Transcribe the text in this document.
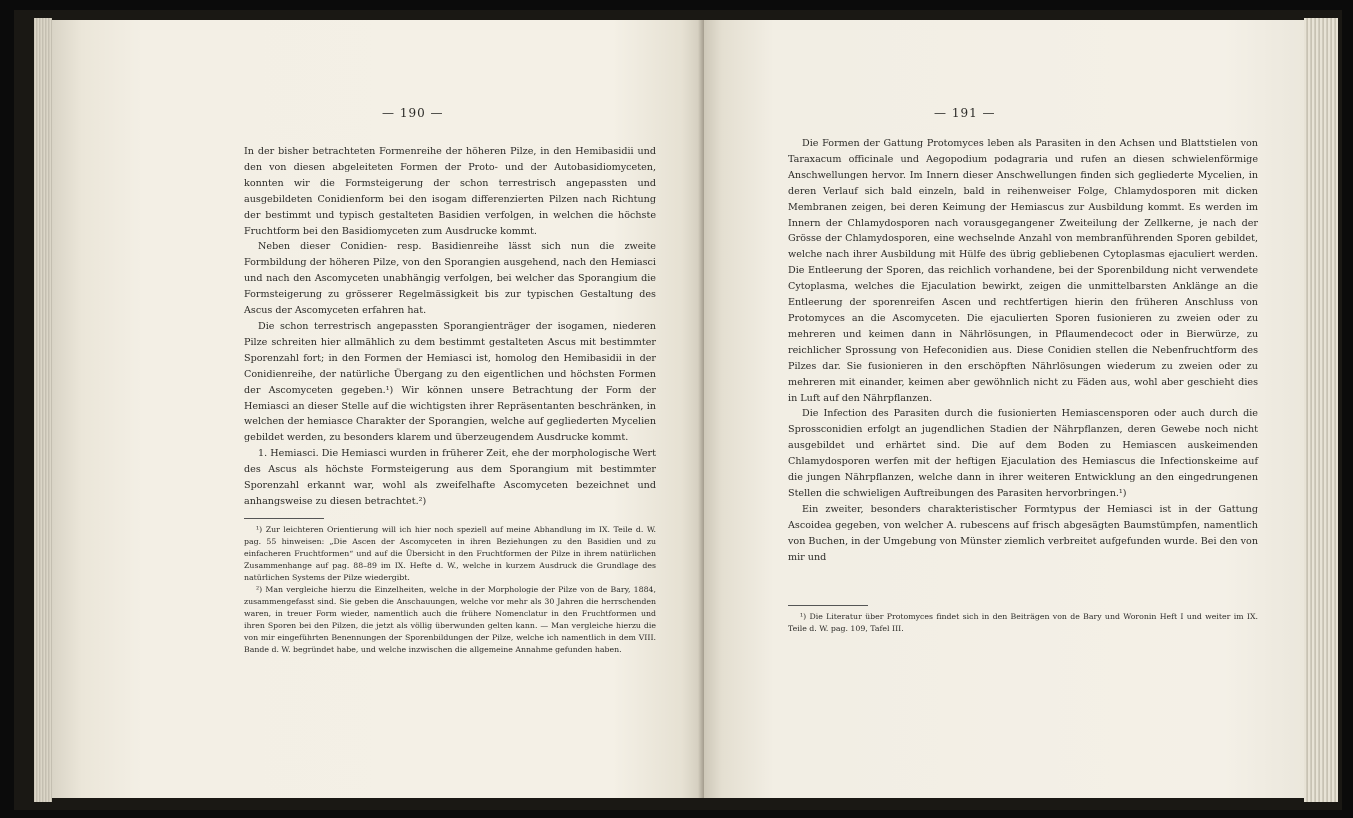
— 190 —

In der bisher betrachteten Formenreihe der höheren Pilze, in den Hemibasidii und den von diesen abgeleiteten Formen der Proto- und der Autobasidiomyceten, konnten wir die Formsteigerung der schon terrestrisch angepassten und ausgebildeten Conidienform bei den isogam differenzierten Pilzen nach Richtung der bestimmt und typisch gestalteten Basidien verfolgen, in welchen die höchste Fruchtform bei den Basidiomyceten zum Ausdrucke kommt.

Neben dieser Conidien- resp. Basidienreihe lässt sich nun die zweite Formbildung der höheren Pilze, von den Sporangien ausgehend, nach den Hemiasci und nach den Ascomyceten unabhängig verfolgen, bei welcher das Sporangium die Formsteigerung zu grösserer Regelmässigkeit bis zur typischen Gestaltung des Ascus der Ascomyceten erfahren hat.

Die schon terrestrisch angepassten Sporangienträger der isogamen, niederen Pilze schreiten hier allmählich zu dem bestimmt gestalteten Ascus mit bestimmter Sporenzahl fort; in den Formen der Hemiasci ist, homolog den Hemibasidii in der Conidienreihe, der natürliche Übergang zu den eigentlichen und höchsten Formen der Ascomyceten gegeben.¹) Wir können unsere Betrachtung der Form der Hemiasci an dieser Stelle auf die wichtigsten ihrer Repräsentanten beschränken, in welchen der hemiasce Charakter der Sporangien, welche auf gegliederten Mycelien gebildet werden, zu besonders klarem und überzeugendem Ausdrucke kommt.

1. Hemiasci. Die Hemiasci wurden in früherer Zeit, ehe der morphologische Wert des Ascus als höchste Formsteigerung aus dem Sporangium mit bestimmter Sporenzahl erkannt war, wohl als zweifelhafte Ascomyceten bezeichnet und anhangsweise zu diesen betrachtet.²)

¹) Zur leichteren Orientierung will ich hier noch speziell auf meine Abhandlung im IX. Teile d. W. pag. 55 hinweisen: „Die Ascen der Ascomyceten in ihren Beziehungen zu den Basidien und zu einfacheren Fruchtformen“ und auf die Übersicht in den Fruchtformen der Pilze in ihrem natürlichen Zusammenhange auf pag. 88–89 im IX. Hefte d. W., welche in kurzem Ausdruck die Grundlage des natürlichen Systems der Pilze wiedergibt.

²) Man vergleiche hierzu die Einzelheiten, welche in der Morphologie der Pilze von de Bary, 1884, zusammengefasst sind. Sie geben die Anschauungen, welche vor mehr als 30 Jahren die herrschenden waren, in treuer Form wieder, namentlich auch die frühere Nomenclatur in den Fruchtformen und ihren Sporen bei den Pilzen, die jetzt als völlig überwunden gelten kann. — Man vergleiche hierzu die von mir eingeführten Benennungen der Sporenbildungen der Pilze, welche ich namentlich in dem VIII. Bande d. W. begründet habe, und welche inzwischen die allgemeine Annahme gefunden haben.

— 191 —

Die Formen der Gattung Protomyces leben als Parasiten in den Achsen und Blattstielen von Taraxacum officinale und Aegopodium podagraria und rufen an diesen schwielenförmige Anschwellungen hervor. Im Innern dieser Anschwellungen finden sich gegliederte Mycelien, in deren Verlauf sich bald einzeln, bald in reihenweiser Folge, Chlamydosporen mit dicken Membranen zeigen, bei deren Keimung der Hemiascus zur Ausbildung kommt. Es werden im Innern der Chlamydosporen nach vorausgegangener Zweiteilung der Zellkerne, je nach der Grösse der Chlamydosporen, eine wechselnde Anzahl von membranführenden Sporen gebildet, welche nach ihrer Ausbildung mit Hülfe des übrig gebliebenen Cytoplasmas ejaculiert werden. Die Entleerung der Sporen, das reichlich vorhandene, bei der Sporenbildung nicht verwendete Cytoplasma, welches die Ejaculation bewirkt, zeigen die unmittelbarsten Anklänge an die Entleerung der sporenreifen Ascen und rechtfertigen hierin den früheren Anschluss von Protomyces an die Ascomyceten. Die ejaculierten Sporen fusionieren zu zweien oder zu mehreren und keimen dann in Nährlösungen, in Pflaumendecoct oder in Bierwürze, zu reichlicher Sprossung von Hefeconidien aus. Diese Conidien stellen die Nebenfruchtform des Pilzes dar. Sie fusionieren in den erschöpften Nährlösungen wiederum zu zweien oder zu mehreren mit einander, keimen aber gewöhnlich nicht zu Fäden aus, wohl aber geschieht dies in Luft auf den Nährpflanzen.

Die Infection des Parasiten durch die fusionierten Hemiascensporen oder auch durch die Sprossconidien erfolgt an jugendlichen Stadien der Nährpflanzen, deren Gewebe noch nicht ausgebildet und erhärtet sind. Die auf dem Boden zu Hemiascen auskeimenden Chlamydosporen werfen mit der heftigen Ejaculation des Hemiascus die Infectionskeime auf die jungen Nährpflanzen, welche dann in ihrer weiteren Entwicklung an den eingedrungenen Stellen die schwieligen Auftreibungen des Parasiten hervorbringen.¹)

Ein zweiter, besonders charakteristischer Formtypus der Hemiasci ist in der Gattung Ascoidea gegeben, von welcher A. rubescens auf frisch abgesägten Baumstümpfen, namentlich von Buchen, in der Umgebung von Münster ziemlich verbreitet aufgefunden wurde. Bei den von mir und

¹) Die Literatur über Protomyces findet sich in den Beiträgen von de Bary und Woronin Heft I und weiter im IX. Teile d. W. pag. 109, Tafel III.
